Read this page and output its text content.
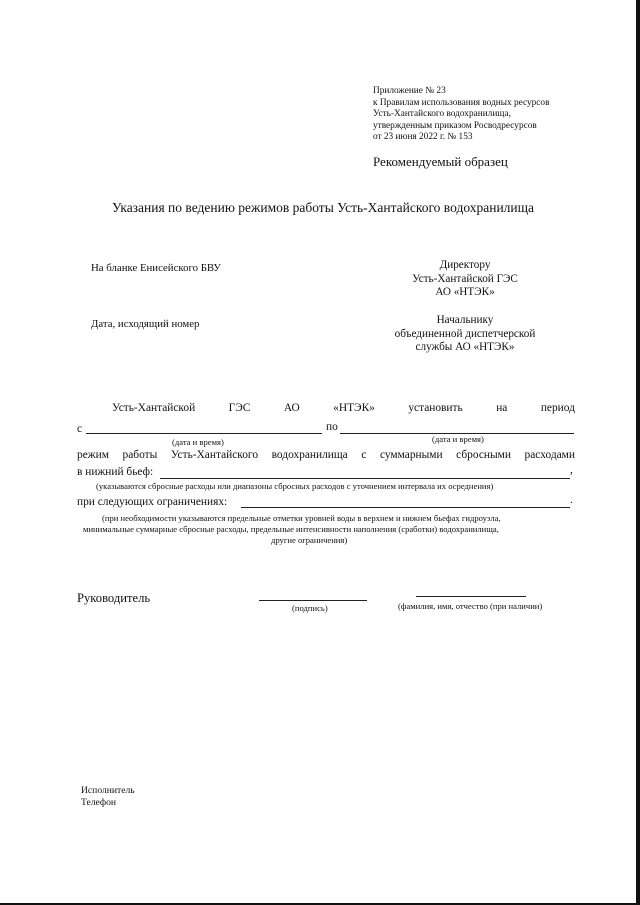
Приложение № 23
к Правилам использования водных ресурсов
Усть-Хантайского водохранилища,
утвержденным приказом Росводресурсов
от 23 июня 2022 г. № 153
Рекомендуемый образец
Указания по ведению режимов работы Усть-Хантайского водохранилища
На бланке Енисейского БВУ	Директору
Усть-Хантайской ГЭС
АО «НТЭК»
Дата, исходящий номер	Начальнику
объединенной диспетчерской
службы АО «НТЭК»
Усть-Хантайской	ГЭС	АО	«НТЭК»	установить	на	период
с	по
(дата и время)	(дата и время)
режим работы Усть-Хантайского водохранилища с суммарными сбросными расходами
в нижний бьеф:	,
(указываются сбросные расходы или диапазоны сбросных расходов с уточнением интервала их осреднения)
при следующих ограничениях:	.
(при необходимости указываются предельные отметки уровней воды в верхнем и нижнем бьефах гидроузла,
минимальные суммарные сбросные расходы, предельные интенсивности наполнения (сработки) водохранилища,
другие ограничения)
Руководитель
(подпись)	(фамилия, имя, отчество (при наличии)
Исполнитель
Телефон
